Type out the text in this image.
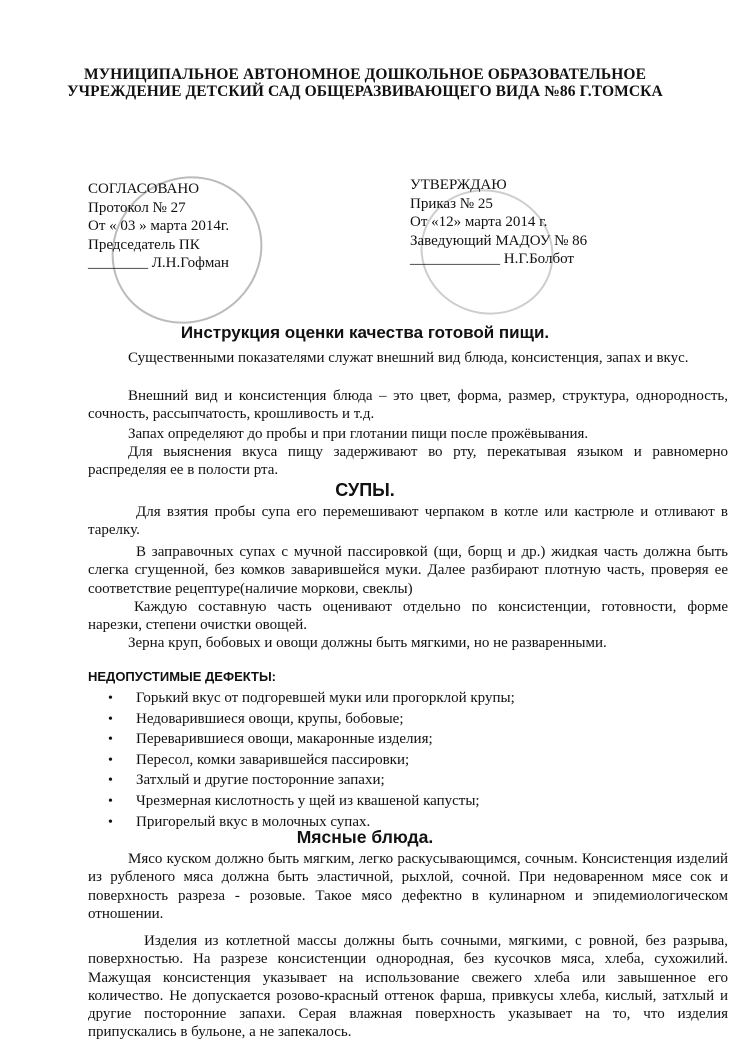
МУНИЦИПАЛЬНОЕ АВТОНОМНОЕ ДОШКОЛЬНОЕ ОБРАЗОВАТЕЛЬНОЕ
УЧРЕЖДЕНИЕ ДЕТСКИЙ САД ОБЩЕРАЗВИВАЮЩЕГО ВИДА №86 Г.ТОМСКА
СОГЛАСОВАНО
Протокол № 27
От « 03 » марта 2014г.
Председатель ПК
________ Л.Н.Гофман
УТВЕРЖДАЮ
Приказ № 25
От «12» марта 2014 г.
Заведующий МАДОУ № 86
____________ Н.Г.Болбот
Инструкция оценки качества готовой пищи.
Существенными показателями служат внешний вид блюда, консистенция, запах и вкус.
Внешний вид и консистенция блюда – это цвет, форма, размер, структура, однородность, сочность, рассыпчатость, крошливость и т.д.
Запах определяют до пробы и при глотании пищи после прожёвывания.
Для выяснения вкуса пищу задерживают во рту, перекатывая языком и равномерно распределяя ее в полости рта.
СУПЫ.
Для взятия пробы супа его перемешивают черпаком в котле или кастрюле и отливают в тарелку.
В заправочных супах с мучной пассировкой (щи, борщ и др.) жидкая часть должна быть слегка сгущенной, без комков заварившейся муки. Далее разбирают плотную часть, проверяя ее соответствие рецептуре(наличие моркови, свеклы)
Каждую составную часть оценивают отдельно по консистенции, готовности, форме нарезки, степени очистки овощей.
Зерна круп, бобовых и овощи должны быть мягкими, но не разваренными.
НЕДОПУСТИМЫЕ ДЕФЕКТЫ:
• Горький вкус от подгоревшей муки или прогорклой крупы;
• Недоварившиеся овощи, крупы, бобовые;
• Переварившиеся овощи, макаронные изделия;
• Пересол, комки заварившейся пассировки;
• Затхлый и другие посторонние запахи;
• Чрезмерная кислотность у щей из квашеной капусты;
• Пригорелый вкус в молочных супах.
Мясные блюда.
Мясо куском должно быть мягким, легко раскусывающимся, сочным. Консистенция изделий из рубленого мяса должна быть эластичной, рыхлой, сочной. При недоваренном мясе сок и поверхность разреза - розовые. Такое мясо дефектно в кулинарном и эпидемиологическом отношении.
Изделия из котлетной массы должны быть сочными, мягкими, с ровной, без разрыва, поверхностью. На разрезе консистенции однородная, без кусочков мяса, хлеба, сухожилий. Мажущая консистенция указывает на использование свежего хлеба или завышенное его количество. Не допускается розово-красный оттенок фарша, привкусы хлеба, кислый, затхлый и другие посторонние запахи. Серая влажная поверхность указывает на то, что изделия припускались в бульоне, а не запекалось.
